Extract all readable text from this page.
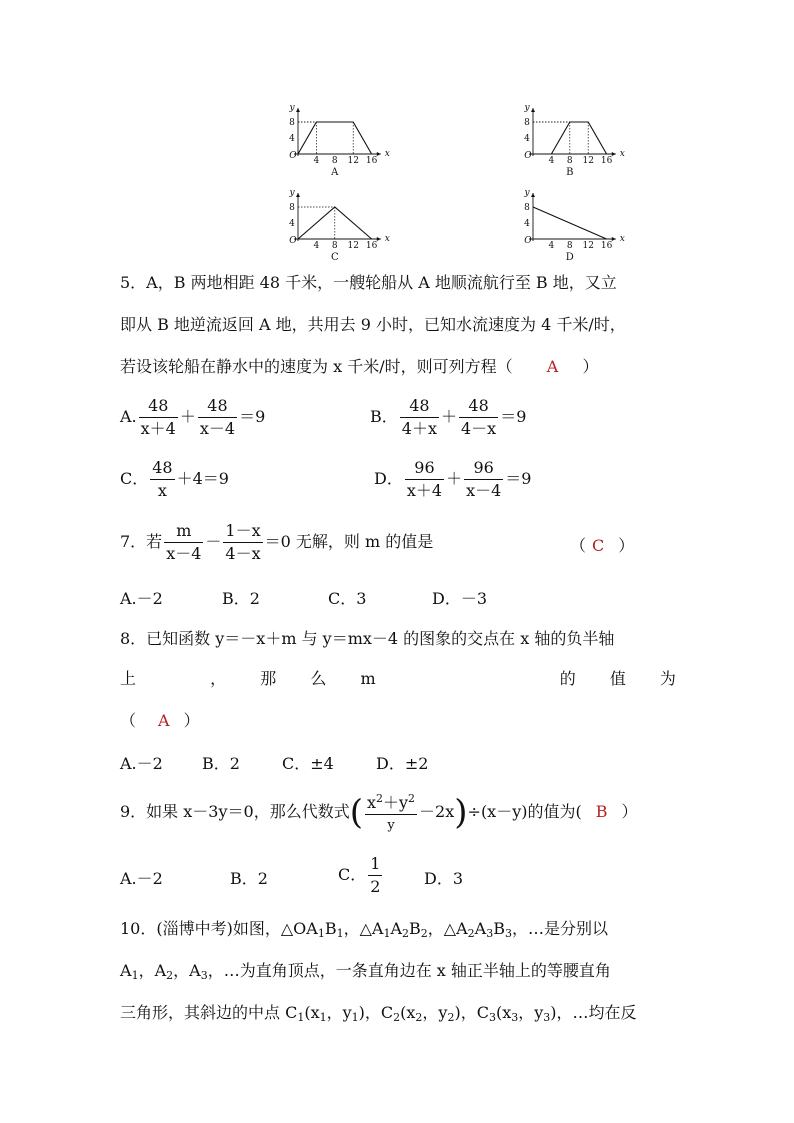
y
x
O 4 8 12 16
4
8
A
y
x
O 4 8 12 16
4
8
B
y
x
O 4 8 12 16
4
8
C
y
x
O 4 8 12 16
4
8
D
5．A，B 两地相距 48 千米，一艘轮船从 A 地顺流航行至 B 地，又立
即从 B 地逆流返回 A 地，共用去 9 小时，已知水流速度为 4 千米/时，
若设该轮船在静水中的速度为 x 千米/时，则可列方程（ A ）
A. $\frac{48}{x+4} + \frac{48}{x-4} =9$	B． $\frac{48}{4+x} + \frac{48}{4-x} =9$
C． $\frac{48}{x} +4=9$	D． $\frac{96}{x+4} + \frac{96}{x-4} =9$
7．若 $\frac{m}{x-4} - \frac{1-x}{4-x} =0$ 无解，则 m 的值是	（ C ）
A.－2	B．2	C．3	D．－3
8．已知函数 y＝－x＋m 与 y＝mx－4 的图象的交点在 x 轴的负半轴
上	， 那 么 m	的 值 为
（ A ）
A.－2 B．2	C．±4	D．±2
9．如果 x－3y＝0，那么代数式( $\frac{x^2+y^2}{y} -2x)\div(x-y)$的值为( B ）
A.－2	B．2	C． $\frac{1}{2}$	D．3
10．(淄博中考)如图，$\triangle OA_1B_1$，$\triangle A_1A_2B_2$，$\triangle A_2A_3B_3$，…是分别以
$A_1$，$A_2$，$A_3$，…为直角顶点，一条直角边在 x 轴正半轴上的等腰直角
三角形，其斜边的中点 $C_1(x_1$，$y_1$)，$C_2(x_2$，$y_2$)，$C_3(x_3$，$y_3$)，…均在反
